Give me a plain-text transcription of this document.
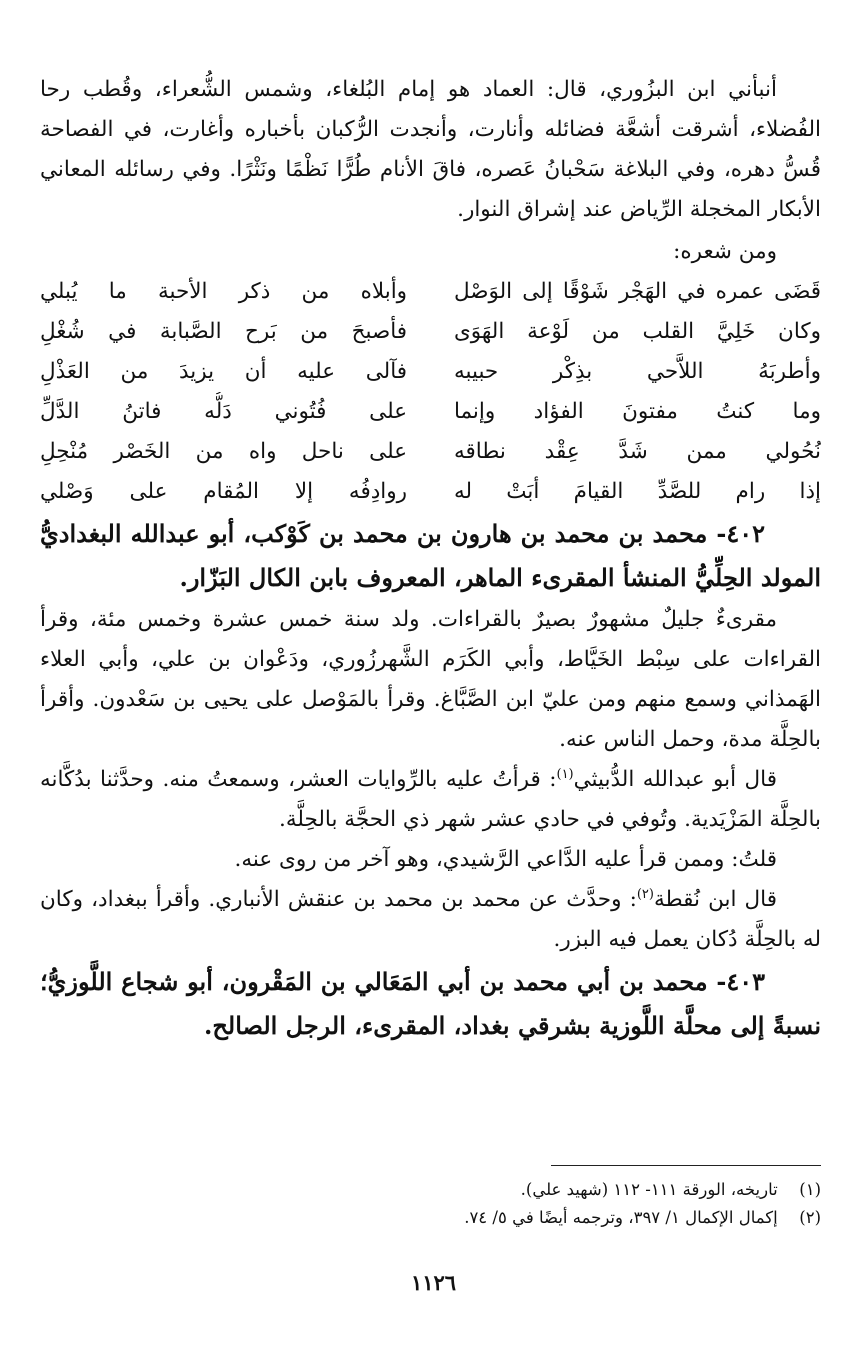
أنبأني ابن البزُوري، قال: العماد هو إمام البُلغاء، وشمس الشُّعراء، وقُطب رحا الفُضلاء، أشرقت أشعَّة فضائله وأنارت، وأنجدت الرُّكبان بأخباره وأغارت، في الفصاحة قُسُّ دهره، وفي البلاغة سَحْبانُ عَصره، فاقَ الأنام طُرًّا نَظْمًا ونَثْرًا. وفي رسائله المعاني الأبكار المخجلة الرِّياض عند إشراق النوار.

ومن شعره:

قَضَى عمره في الهَجْر شَوْقًا إلى الوَصْل
وأبلاه من ذكر الأحبة ما يُبلي
وكان خَلِيَّ القلب من لَوْعة الهَوَى
فأصبحَ من بَرح الصَّبابة في شُغْلِ
وأطربَهُ اللاَّحي بذِكْر حبيبه
فآلى عليه أن يزيدَ من العَذْلِ
وما كنتُ مفتونَ الفؤاد وإنما
على فُتُوني دَلُّه فاتنُ الدَّلِّ
نُحُولي ممن شَدَّ عِقْد نطاقه
على ناحل واه من الخَصْر مُنْحِلِ
إذا رام للصَّدِّ القيامَ أبَتْ له
روادِفُه إلا المُقام على وَصْلي

٤٠٢- محمد بن محمد بن هارون بن محمد بن كَوْكب، أبو عبدالله البغداديُّ المولد الحِلِّيُّ المنشأ المقرىء الماهر، المعروف بابن الكال البَزّار.

مقرىءٌ جليلٌ مشهورٌ بصيرٌ بالقراءات. ولد سنة خمس عشرة وخمس مئة، وقرأ القراءات على سِبْط الخَيَّاط، وأبي الكَرَم الشَّهرزُوري، ودَعْوان بن علي، وأبي العلاء الهَمذاني وسمع منهم ومن عليّ ابن الصَّبَّاغ. وقرأ بالمَوْصل على يحيى بن سَعْدون. وأقرأ بالحِلَّة مدة، وحمل الناس عنه.

قال أبو عبدالله الدُّبيثي$^{(١)}$: قرأتُ عليه بالرِّوايات العشر، وسمعتُ منه. وحدَّثنا بدُكَّانه بالحِلَّة المَزْيَدية. وتُوفي في حادي عشر شهر ذي الحجَّة بالحِلَّة.

قلتُ: وممن قرأ عليه الدَّاعي الرَّشيدي، وهو آخر من روى عنه.

قال ابن نُقطة$^{(٢)}$: وحدَّث عن محمد بن محمد بن عنقش الأنباري. وأقرأ ببغداد، وكان له بالحِلَّة دُكان يعمل فيه البزر.

٤٠٣- محمد بن أبي محمد بن أبي المَعَالي بن المَقْرون، أبو شجاع اللَّوزيُّ؛ نسبةً إلى محلَّة اللَّوزية بشرقي بغداد، المقرىء، الرجل الصالح.

(١) تاريخه، الورقة ١١١- ١١٢ (شهيد علي).

(٢) إكمال الإكمال ١/ ٣٩٧، وترجمه أيضًا في ٥/ ٧٤.

١١٢٦
